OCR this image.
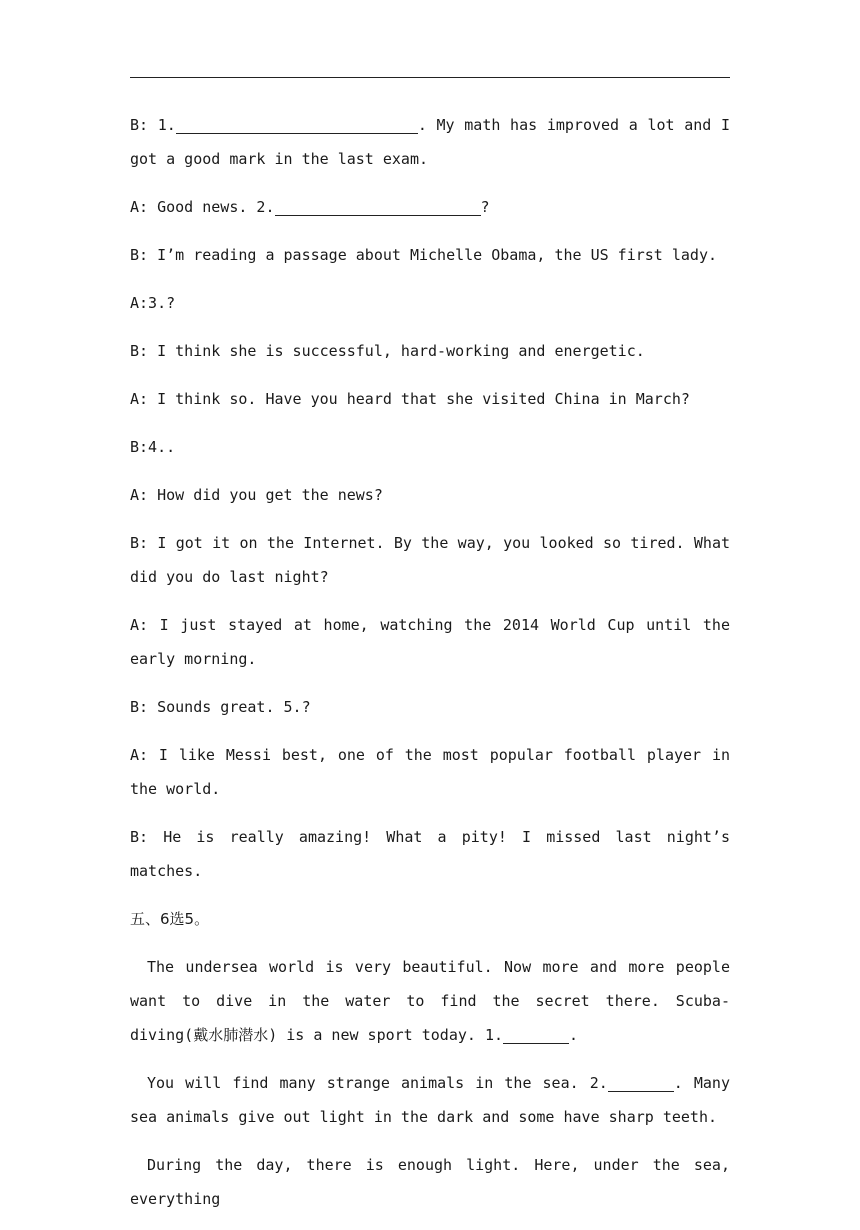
B: 1.	. My math has improved a lot and I got a good mark in the last exam.

A: Good news. 2.	?

B: I’m reading a passage about Michelle Obama, the US first lady.

A:3.?

B: I think she is successful, hard-working and energetic.

A: I think so. Have you heard that she visited China in March?

B:4..

A: How did you get the news?

B: I got it on the Internet. By the way, you looked so tired. What did you do last night?

A: I just stayed at home, watching the 2014 World Cup until the early morning.

B: Sounds great. 5.?

A: I like Messi best, one of the most popular football player in the world.

B: He is really amazing! What a pity! I missed last night’s matches.

五、6选5。

The undersea world is very beautiful. Now more and more people want to dive in the water to find the secret there. Scuba-diving(戴水肺潜水) is a new sport today. 1.	.

You will find many strange animals in the sea. 2.	. Many sea animals give out light in the dark and some have sharp teeth.

During the day, there is enough light. Here, under the sea, everything
